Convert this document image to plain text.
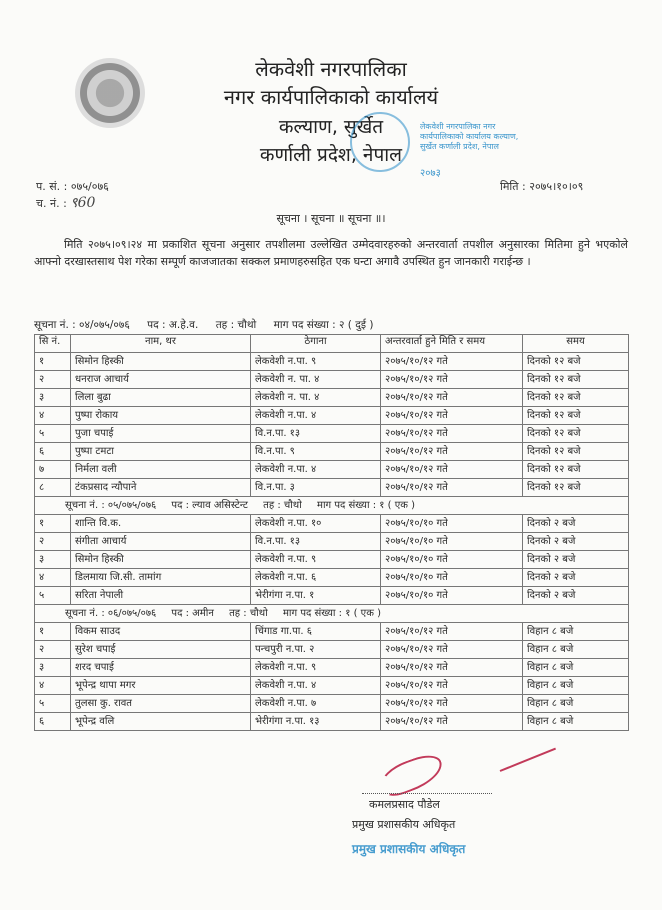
लेकवेशी नगरपालिका
नगर कार्यपालिकाको कार्यालयं
कल्याण, सुर्खेत
कर्णाली प्रदेश, नेपाल
लेकवेशी नगरपालिका नगर कार्यपालिकाको कार्यालय कल्याण, सुर्खेत कर्णाली प्रदेश, नेपाल
२०७३
प. सं. : ०७५/०७६
च. नं. : ९60
मिति : २०७५।१०।०९
सूचना । सूचना ॥ सूचना ॥।
मिति २०७५।०९।२४ मा प्रकाशित सूचना अनुसार तपशीलमा उल्लेखित उम्मेदवारहरुको अन्तरवार्ता तपशील अनुसारका मितिमा हुने भएकोले आफ्नो दरखास्तसाथ पेश गरेका सम्पूर्ण काजजातका सक्कल प्रमाणहरुसहित एक घन्टा अगावै उपस्थित हुन जानकारी गराईन्छ ।
सूचना नं. : ०४/०७५/०७६ पद : अ.हे.व. तह : चौथो माग पद संख्या : २ ( दुई )
सि नं.	नाम, थर	ठेगाना	अन्तरवार्ता हुने मिति र समय	समय
१	सिमोन हिस्की	लेकवेशी न.पा. ९	२०७५/१०/१२ गते	दिनको १२ बजे
२	धनराज आचार्य	लेकवेशी न. पा. ४	२०७५/१०/१२ गते	दिनको १२ बजे
३	लिला बुढा	लेकवेशी न. पा. ४	२०७५/१०/१२ गते	दिनको १२ बजे
४	पुष्पा रोकाय	लेकवेशी न.पा. ४	२०७५/१०/१२ गते	दिनको १२ बजे
५	पुजा चपाई	वि.न.पा. १३	२०७५/१०/१२ गते	दिनको १२ बजे
६	पुष्पा टमटा	वि.न.पा. ९	२०७५/१०/१२ गते	दिनको १२ बजे
७	निर्मला वली	लेकवेशी न.पा. ४	२०७५/१०/१२ गते	दिनको १२ बजे
८	टंकप्रसाद न्यौपाने	वि.न.पा. ३	२०७५/१०/१२ गते	दिनको १२ बजे
सूचना नं. : ०५/०७५/०७६ पद : ल्याव असिस्टेन्ट तह : चौथो माग पद संख्या : १ ( एक )				
१	शान्ति वि.क.	लेकवेशी न.पा. १०	२०७५/१०/१० गते	दिनको २ बजे
२	संगीता आचार्य	वि.न.पा. १३	२०७५/१०/१० गते	दिनको २ बजे
३	सिमोन हिस्की	लेकवेशी न.पा. ९	२०७५/१०/१० गते	दिनको २ बजे
४	डिलमाया जि.सी. तामांग	लेकवेशी न.पा. ६	२०७५/१०/१० गते	दिनको २ बजे
५	सरिता नेपाली	भेरीगंगा न.पा. १	२०७५/१०/१० गते	दिनको २ बजे
सूचना नं. : ०६/०७५/०७६ पद : अमीन तह : चौथो माग पद संख्या : १ ( एक )				
१	विकम साउद	चिंगाड गा.पा. ६	२०७५/१०/१२ गते	विहान ८ बजे
२	सुरेश चपाई	पन्चपुरी न.पा. २	२०७५/१०/१२ गते	विहान ८ बजे
३	शरद चपाई	लेकवेशी न.पा. ९	२०७५/१०/१२ गते	विहान ८ बजे
४	भूपेन्द्र थापा मगर	लेकवेशी न.पा. ४	२०७५/१०/१२ गते	विहान ८ बजे
५	तुलसा कु. रावत	लेकवेशी न.पा. ७	२०७५/१०/१२ गते	विहान ८ बजे
६	भूपेन्द्र वलि	भेरीगंगा न.पा. १३	२०७५/१०/१२ गते	विहान ८ बजे
कमलप्रसाद पौडेल
प्रमुख प्रशासकीय अधिकृत
प्रमुख प्रशासकीय अधिकृत
